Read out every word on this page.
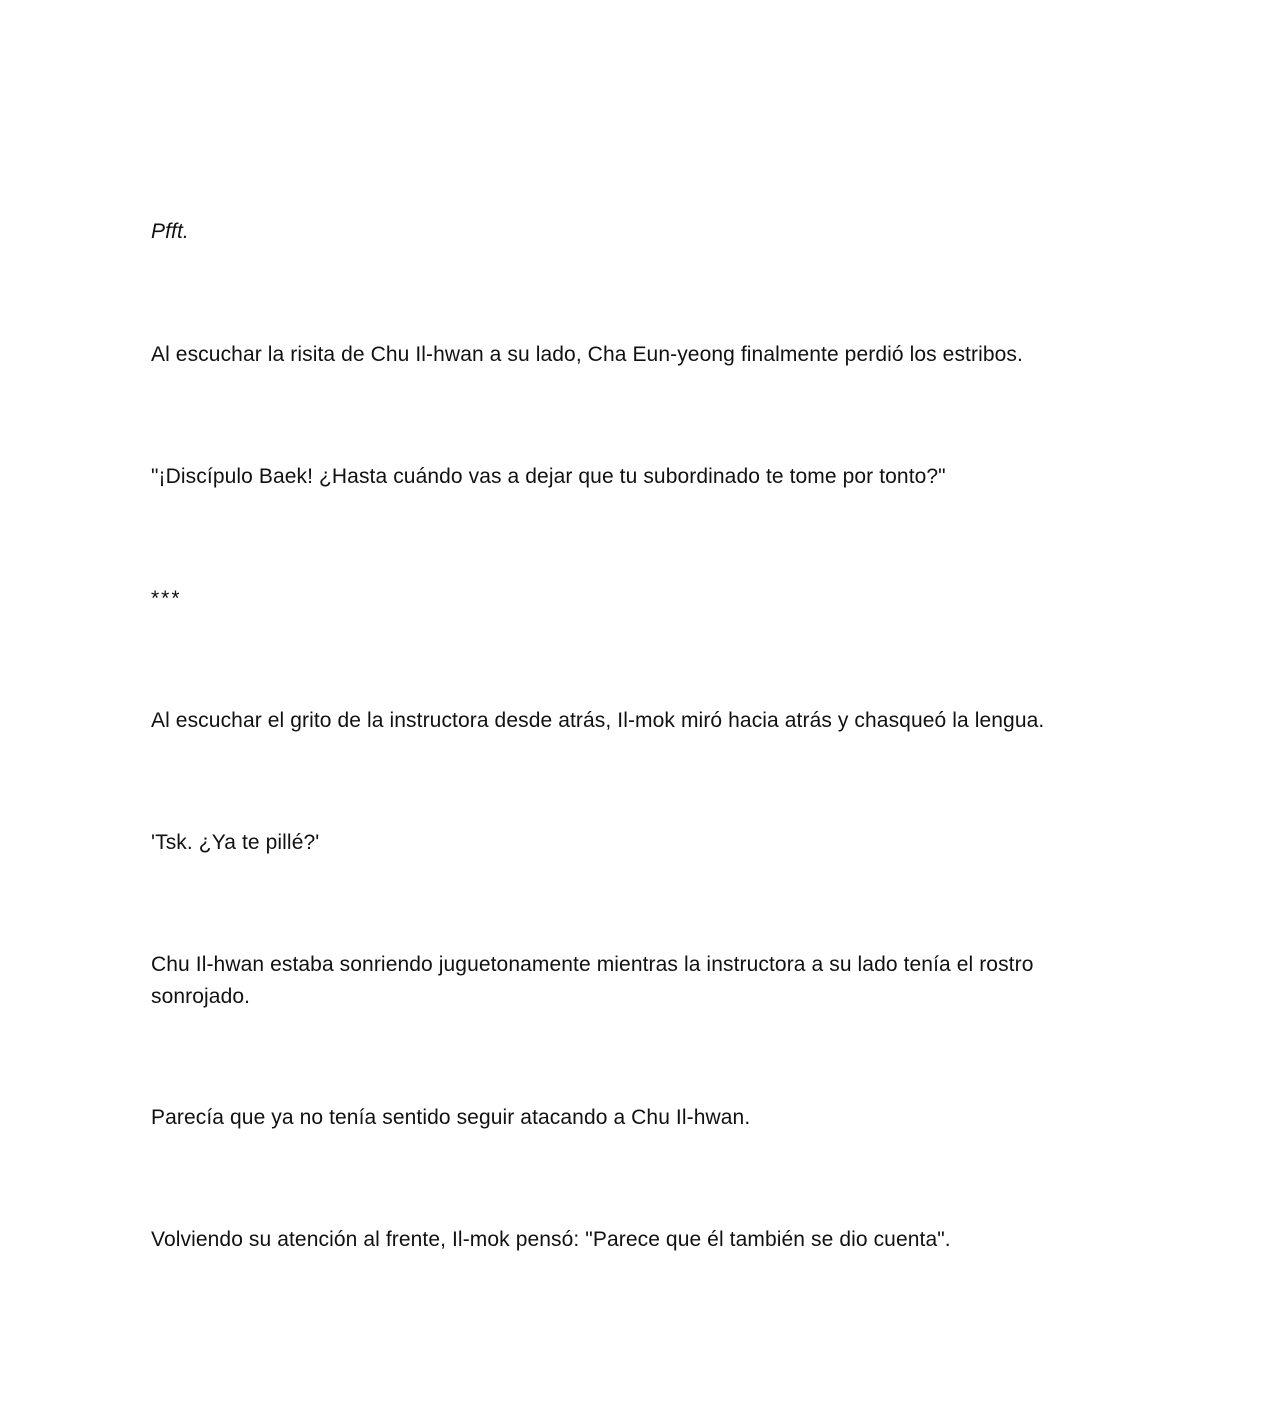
Pfft.

Al escuchar la risita de Chu Il-hwan a su lado, Cha Eun-yeong finalmente perdió los estribos.

"¡Discípulo Baek! ¿Hasta cuándo vas a dejar que tu subordinado te tome por tonto?"

***

Al escuchar el grito de la instructora desde atrás, Il-mok miró hacia atrás y chasqueó la lengua.

'Tsk. ¿Ya te pillé?'

Chu Il-hwan estaba sonriendo juguetonamente mientras la instructora a su lado tenía el rostro sonrojado.

Parecía que ya no tenía sentido seguir atacando a Chu Il-hwan.

Volviendo su atención al frente, Il-mok pensó: "Parece que él también se dio cuenta".
